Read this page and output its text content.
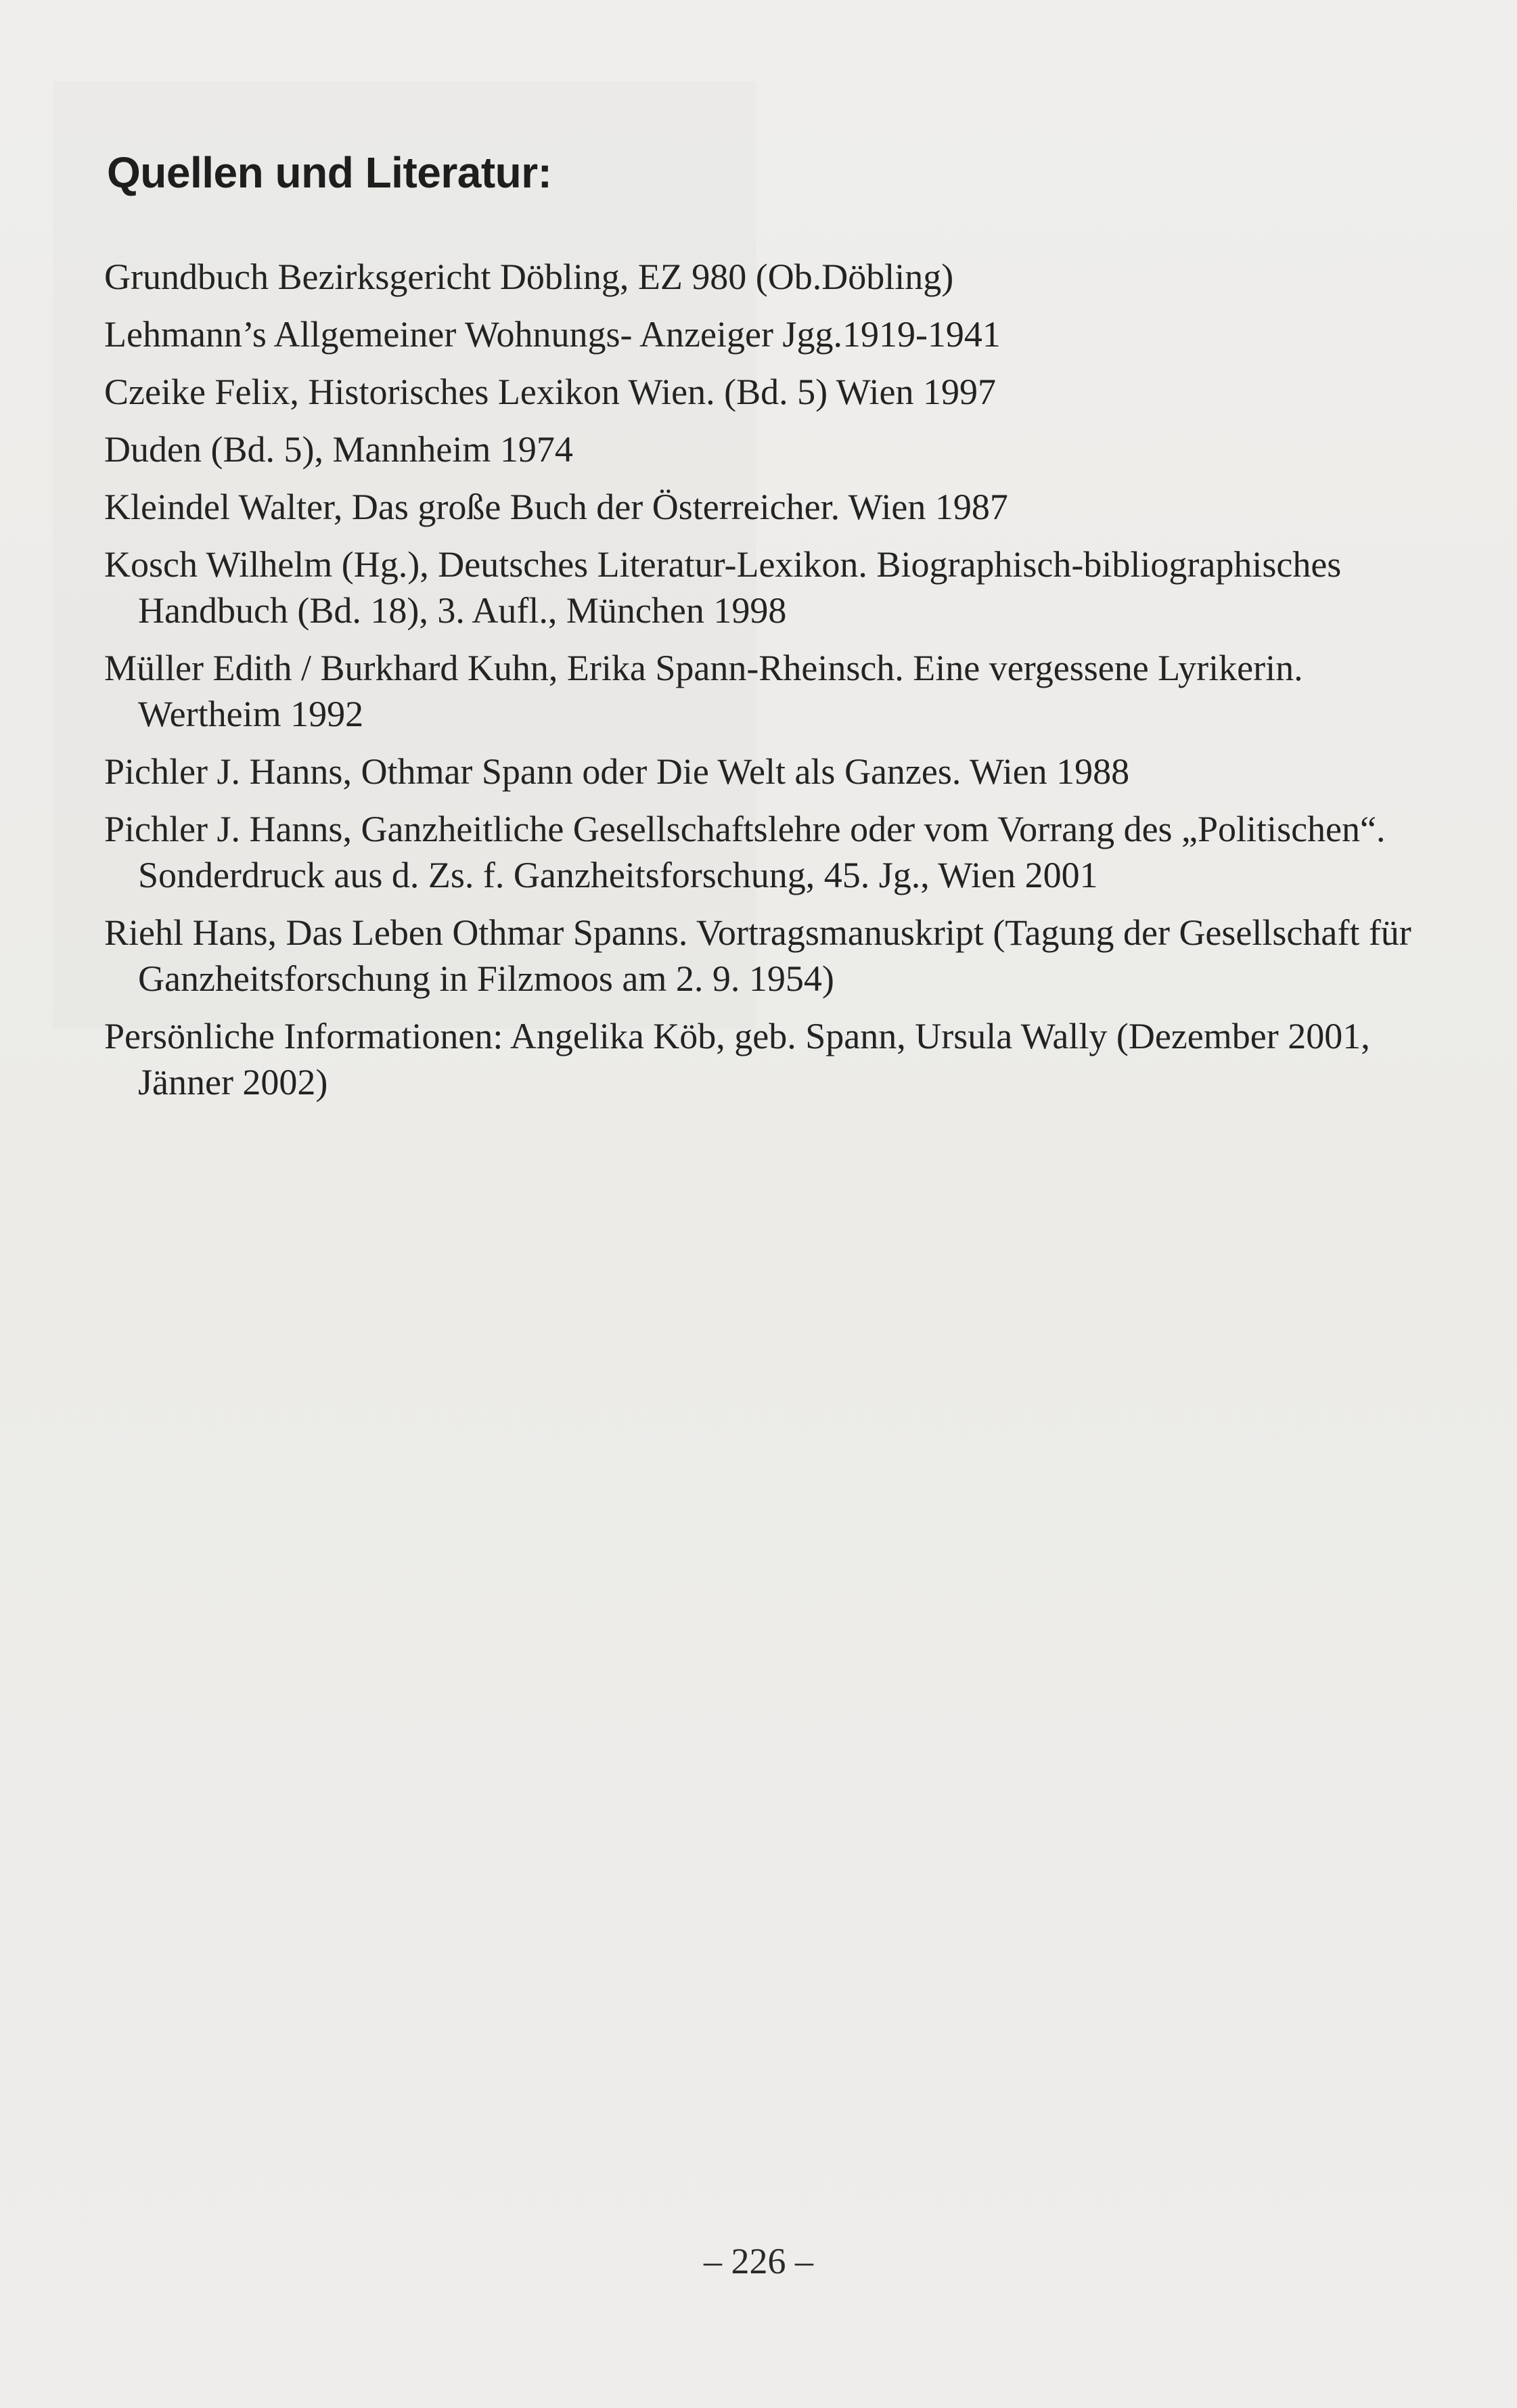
Quellen und Literatur:
Grundbuch Bezirksgericht Döbling, EZ 980 (Ob.Döbling)
Lehmann’s Allgemeiner Wohnungs- Anzeiger Jgg.1919-1941
Czeike Felix, Historisches Lexikon Wien. (Bd. 5) Wien 1997
Duden (Bd. 5), Mannheim 1974
Kleindel Walter, Das große Buch der Österreicher. Wien 1987
Kosch Wilhelm (Hg.), Deutsches Literatur-Lexikon. Biographisch-bibliographisches Handbuch (Bd. 18), 3. Aufl., München 1998
Müller Edith / Burkhard Kuhn, Erika Spann-Rheinsch. Eine vergessene Lyrikerin. Wertheim 1992
Pichler J. Hanns, Othmar Spann oder Die Welt als Ganzes. Wien 1988
Pichler J. Hanns, Ganzheitliche Gesellschaftslehre oder vom Vorrang des „Politischen“. Sonderdruck aus d. Zs. f. Ganzheitsforschung, 45. Jg., Wien 2001
Riehl Hans, Das Leben Othmar Spanns. Vortragsmanuskript (Tagung der Gesellschaft für Ganzheitsforschung in Filzmoos am 2. 9. 1954)
Persönliche Informationen: Angelika Köb, geb. Spann, Ursula Wally (Dezember 2001, Jänner 2002)
– 226 –
